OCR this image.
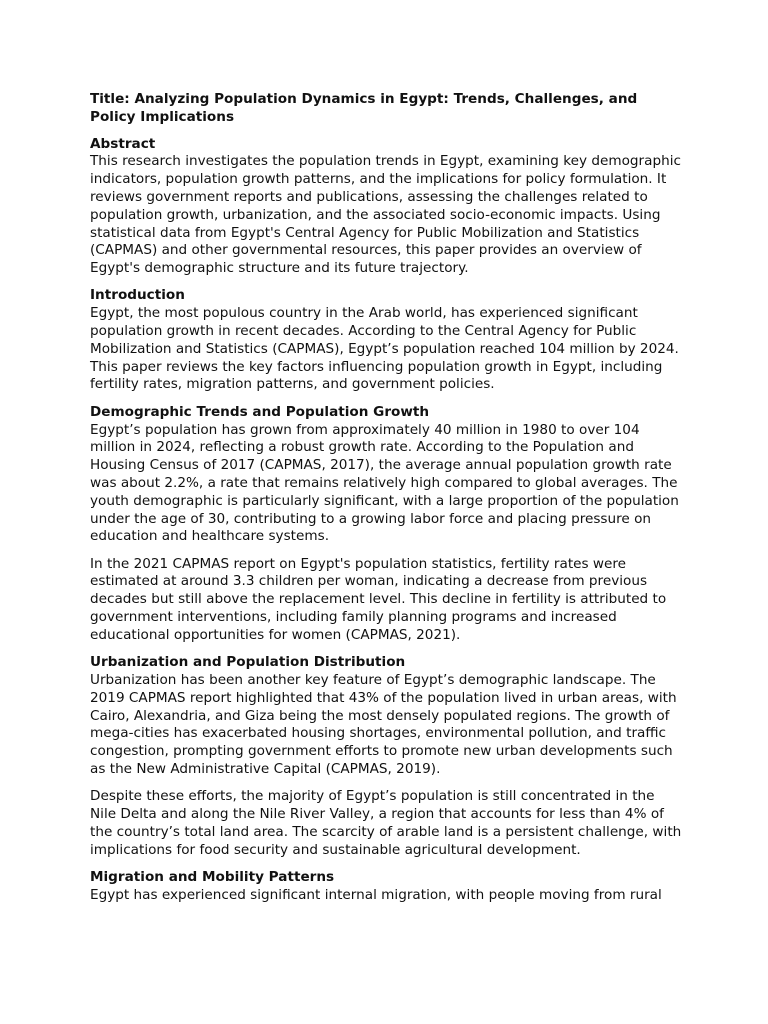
Title: Analyzing Population Dynamics in Egypt: Trends, Challenges, and Policy Implications

Abstract

This research investigates the population trends in Egypt, examining key demographic indicators, population growth patterns, and the implications for policy formulation. It reviews government reports and publications, assessing the challenges related to population growth, urbanization, and the associated socio-economic impacts. Using statistical data from Egypt's Central Agency for Public Mobilization and Statistics (CAPMAS) and other governmental resources, this paper provides an overview of Egypt's demographic structure and its future trajectory.

Introduction

Egypt, the most populous country in the Arab world, has experienced significant population growth in recent decades. According to the Central Agency for Public Mobilization and Statistics (CAPMAS), Egypt’s population reached 104 million by 2024. This paper reviews the key factors influencing population growth in Egypt, including fertility rates, migration patterns, and government policies.

Demographic Trends and Population Growth

Egypt’s population has grown from approximately 40 million in 1980 to over 104 million in 2024, reflecting a robust growth rate. According to the Population and Housing Census of 2017 (CAPMAS, 2017), the average annual population growth rate was about 2.2%, a rate that remains relatively high compared to global averages. The youth demographic is particularly significant, with a large proportion of the population under the age of 30, contributing to a growing labor force and placing pressure on education and healthcare systems.

In the 2021 CAPMAS report on Egypt's population statistics, fertility rates were estimated at around 3.3 children per woman, indicating a decrease from previous decades but still above the replacement level. This decline in fertility is attributed to government interventions, including family planning programs and increased educational opportunities for women (CAPMAS, 2021).

Urbanization and Population Distribution

Urbanization has been another key feature of Egypt’s demographic landscape. The 2019 CAPMAS report highlighted that 43% of the population lived in urban areas, with Cairo, Alexandria, and Giza being the most densely populated regions. The growth of mega-cities has exacerbated housing shortages, environmental pollution, and traffic congestion, prompting government efforts to promote new urban developments such as the New Administrative Capital (CAPMAS, 2019).

Despite these efforts, the majority of Egypt’s population is still concentrated in the Nile Delta and along the Nile River Valley, a region that accounts for less than 4% of the country’s total land area. The scarcity of arable land is a persistent challenge, with implications for food security and sustainable agricultural development.

Migration and Mobility Patterns

Egypt has experienced significant internal migration, with people moving from rural
